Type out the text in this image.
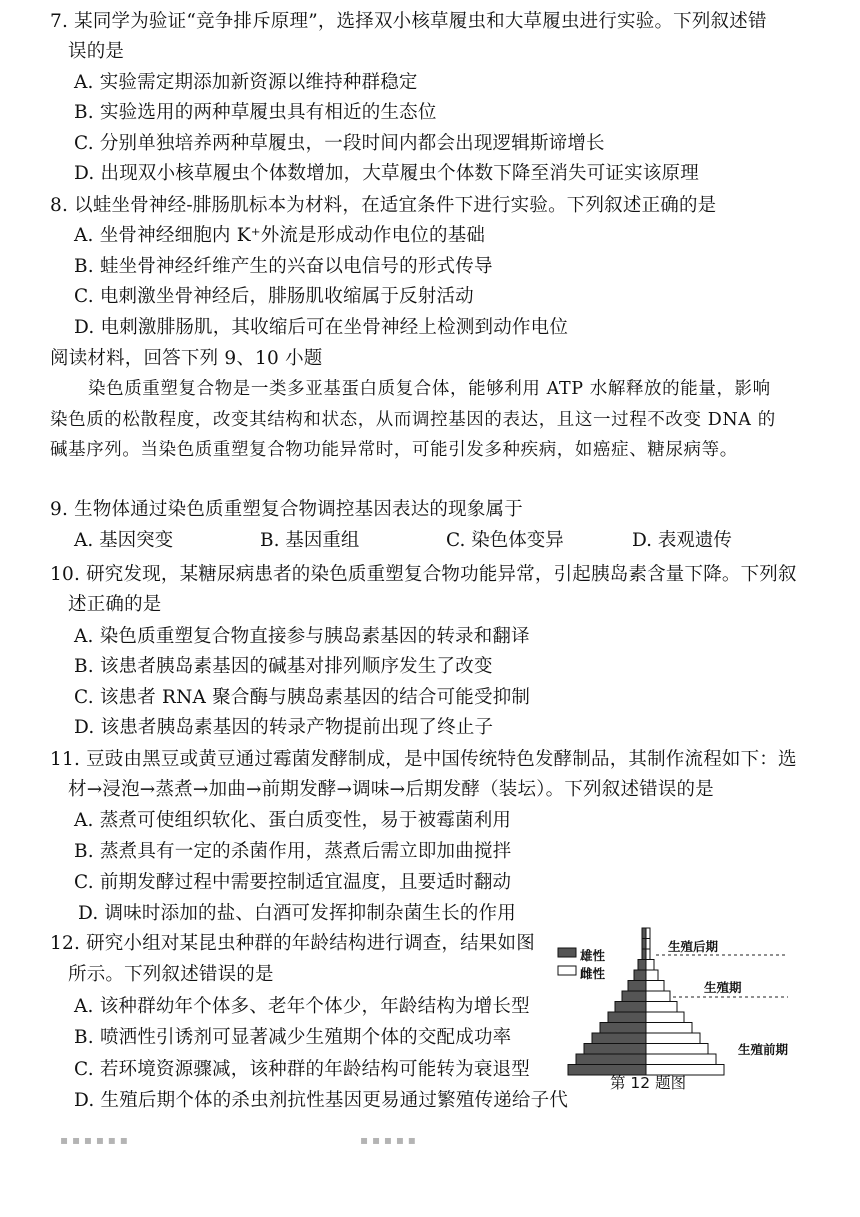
7. 某同学为验证“竞争排斥原理”，选择双小核草履虫和大草履虫进行实验。下列叙述错
误的是
A. 实验需定期添加新资源以维持种群稳定
B. 实验选用的两种草履虫具有相近的生态位
C. 分别单独培养两种草履虫，一段时间内都会出现逻辑斯谛增长
D. 出现双小核草履虫个体数增加，大草履虫个体数下降至消失可证实该原理
8. 以蛙坐骨神经-腓肠肌标本为材料，在适宜条件下进行实验。下列叙述正确的是
A. 坐骨神经细胞内 K⁺外流是形成动作电位的基础
B. 蛙坐骨神经纤维产生的兴奋以电信号的形式传导
C. 电刺激坐骨神经后，腓肠肌收缩属于反射活动
D. 电刺激腓肠肌，其收缩后可在坐骨神经上检测到动作电位
阅读材料，回答下列 9、10 小题
染色质重塑复合物是一类多亚基蛋白质复合体，能够利用 ATP 水解释放的能量，影响
染色质的松散程度，改变其结构和状态，从而调控基因的表达，且这一过程不改变 DNA 的
碱基序列。当染色质重塑复合物功能异常时，可能引发多种疾病，如癌症、糖尿病等。
9. 生物体通过染色质重塑复合物调控基因表达的现象属于
A. 基因突变	B. 基因重组	C. 染色体变异	D. 表观遗传
10. 研究发现，某糖尿病患者的染色质重塑复合物功能异常，引起胰岛素含量下降。下列叙
述正确的是
A. 染色质重塑复合物直接参与胰岛素基因的转录和翻译
B. 该患者胰岛素基因的碱基对排列顺序发生了改变
C. 该患者 RNA 聚合酶与胰岛素基因的结合可能受抑制
D. 该患者胰岛素基因的转录产物提前出现了终止子
11. 豆豉由黑豆或黄豆通过霉菌发酵制成，是中国传统特色发酵制品，其制作流程如下：选
材→浸泡→蒸煮→加曲→前期发酵→调味→后期发酵（装坛）。下列叙述错误的是
A. 蒸煮可使组织软化、蛋白质变性，易于被霉菌利用
B. 蒸煮具有一定的杀菌作用，蒸煮后需立即加曲搅拌
C. 前期发酵过程中需要控制适宜温度，且要适时翻动
D. 调味时添加的盐、白酒可发挥抑制杂菌生长的作用
12. 研究小组对某昆虫种群的年龄结构进行调查，结果如图
所示。下列叙述错误的是
A. 该种群幼年个体多、老年个体少，年龄结构为增长型
B. 喷洒性引诱剂可显著减少生殖期个体的交配成功率
C. 若环境资源骤减，该种群的年龄结构可能转为衰退型
D. 生殖后期个体的杀虫剂抗性基因更易通过繁殖传递给子代
雄性
雌性
生殖后期
生殖期
生殖前期
第 12 题图
▪ ▪ ▪ ▪ ▪ ▪	▪ ▪ ▪ ▪ ▪
